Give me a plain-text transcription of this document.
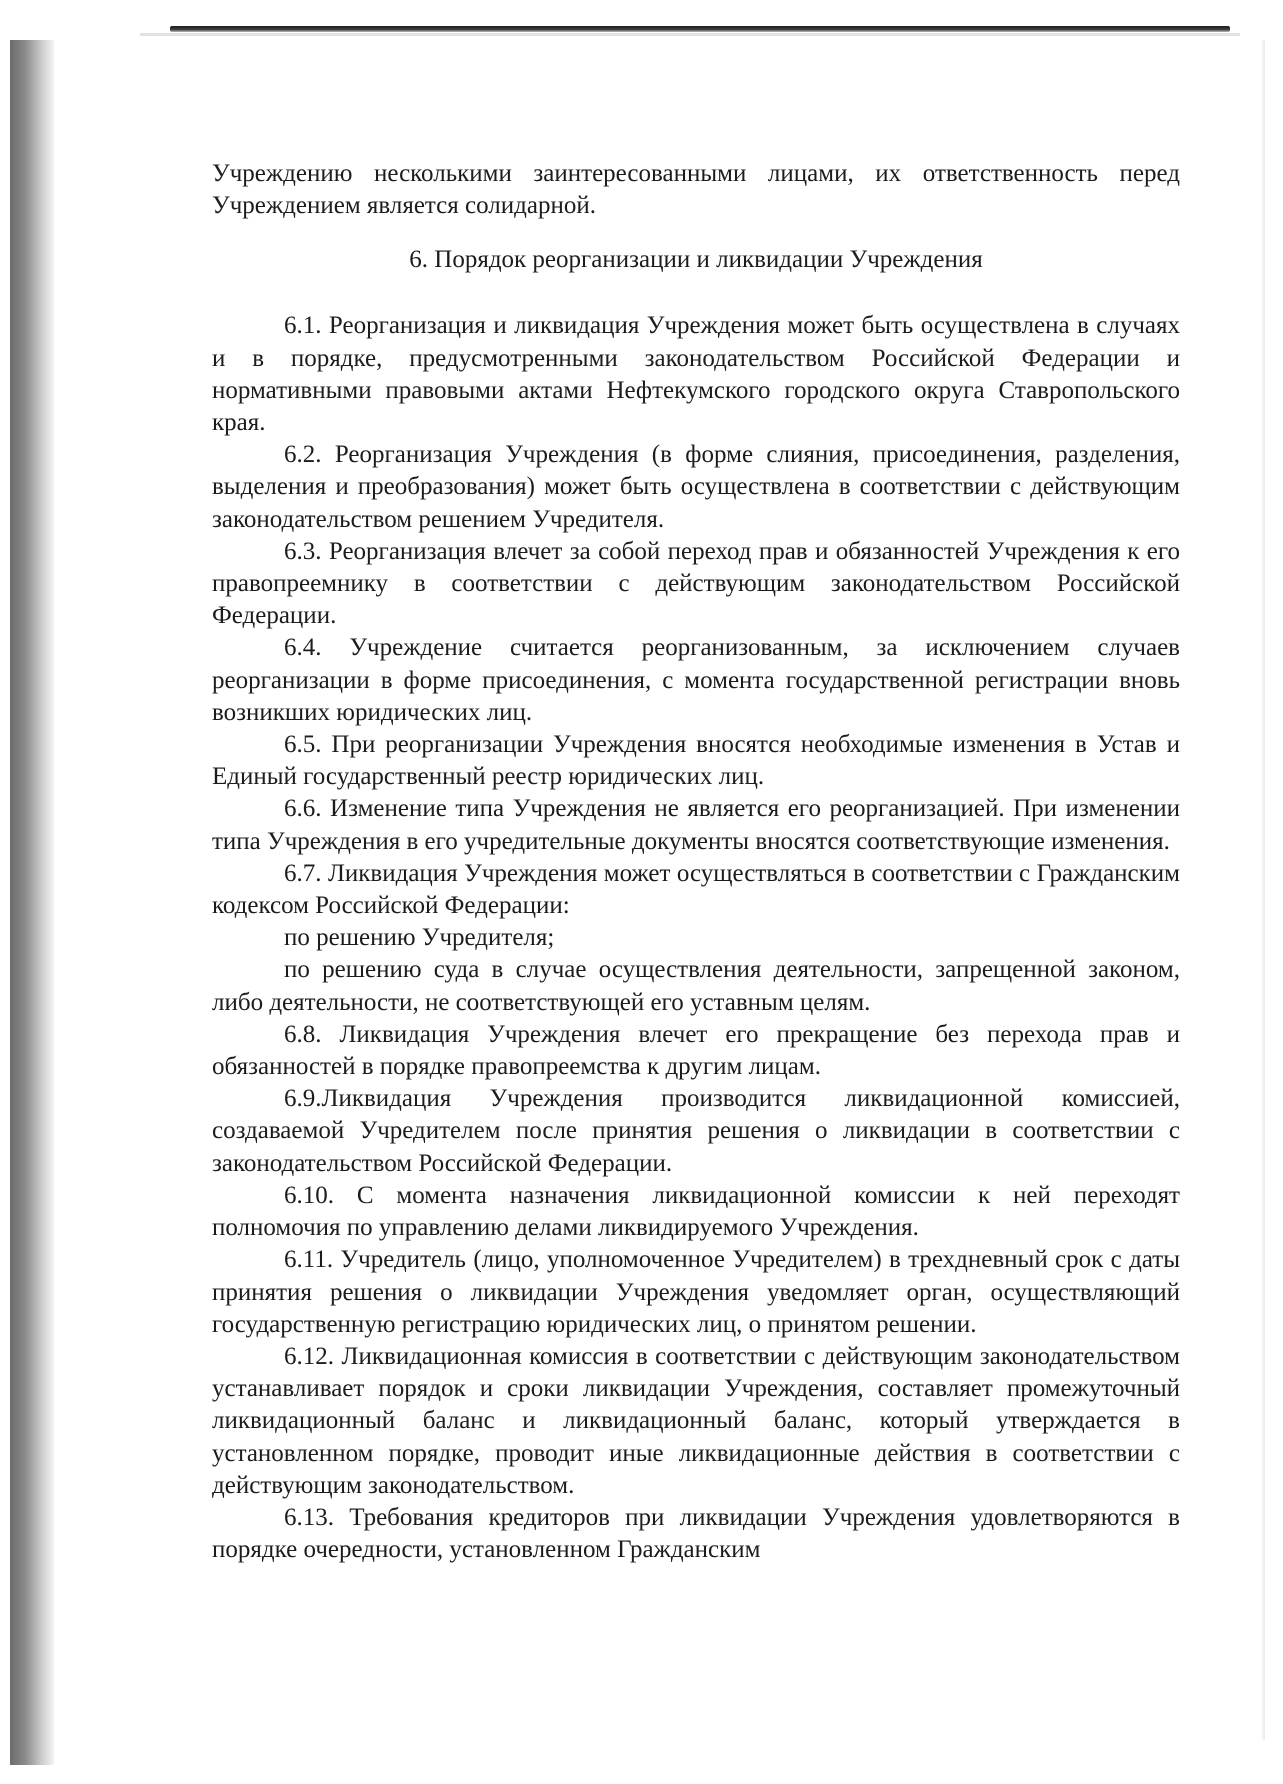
Учреждению несколькими заинтересованными лицами, их ответственность перед Учреждением является солидарной.

6. Порядок реорганизации и ликвидации Учреждения

6.1. Реорганизация и ликвидация Учреждения может быть осуществлена в случаях и в порядке, предусмотренными законодательством Российской Федерации и нормативными правовыми актами Нефтекумского городского округа Ставропольского края.

6.2. Реорганизация Учреждения (в форме слияния, присоединения, разделения, выделения и преобразования) может быть осуществлена в соответствии с действующим законодательством решением Учредителя.

6.3. Реорганизация влечет за собой переход прав и обязанностей Учреждения к его правопреемнику в соответствии с действующим законодательством Российской Федерации.

6.4. Учреждение считается реорганизованным, за исключением случаев реорганизации в форме присоединения, с момента государственной регистрации вновь возникших юридических лиц.

6.5. При реорганизации Учреждения вносятся необходимые изменения в Устав и Единый государственный реестр юридических лиц.

6.6. Изменение типа Учреждения не является его реорганизацией. При изменении типа Учреждения в его учредительные документы вносятся соответствующие изменения.

6.7. Ликвидация Учреждения может осуществляться в соответствии с Гражданским кодексом Российской Федерации:

по решению Учредителя;

по решению суда в случае осуществления деятельности, запрещенной законом, либо деятельности, не соответствующей его уставным целям.

6.8. Ликвидация Учреждения влечет его прекращение без перехода прав и обязанностей в порядке правопреемства к другим лицам.

6.9.Ликвидация Учреждения производится ликвидационной комиссией, создаваемой Учредителем после принятия решения о ликвидации в соответствии с законодательством Российской Федерации.

6.10. С момента назначения ликвидационной комиссии к ней переходят полномочия по управлению делами ликвидируемого Учреждения.

6.11. Учредитель (лицо, уполномоченное Учредителем) в трехдневный срок с даты принятия решения о ликвидации Учреждения уведомляет орган, осуществляющий государственную регистрацию юридических лиц, о принятом решении.

6.12. Ликвидационная комиссия в соответствии с действующим законодательством устанавливает порядок и сроки ликвидации Учреждения, составляет промежуточный ликвидационный баланс и ликвидационный баланс, который утверждается в установленном порядке, проводит иные ликвидационные действия в соответствии с действующим законодательством.

6.13. Требования кредиторов при ликвидации Учреждения удовлетворяются в порядке очередности, установленном Гражданским
